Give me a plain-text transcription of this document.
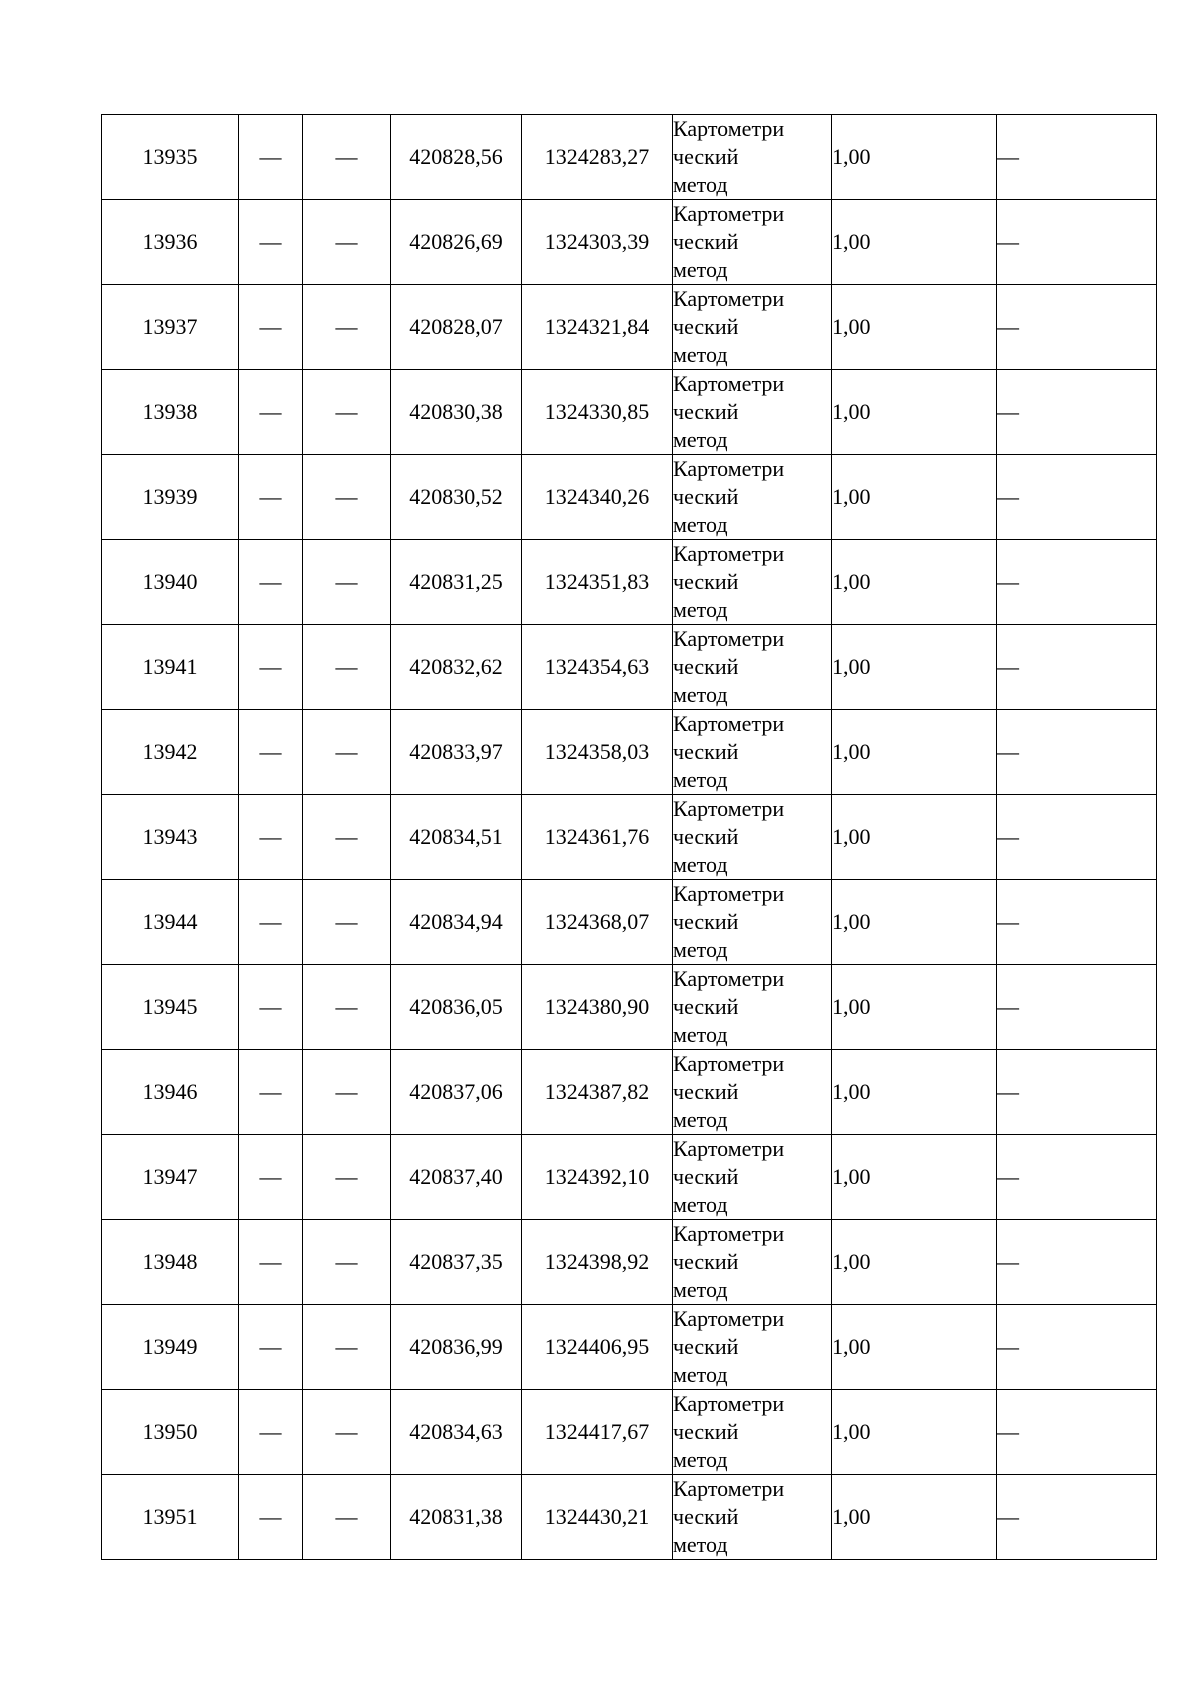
13935	—	—	420828,56	1324283,27	Картометри
ческий
метод	1,00	—
13936	—	—	420826,69	1324303,39	Картометри
ческий
метод	1,00	—
13937	—	—	420828,07	1324321,84	Картометри
ческий
метод	1,00	—
13938	—	—	420830,38	1324330,85	Картометри
ческий
метод	1,00	—
13939	—	—	420830,52	1324340,26	Картометри
ческий
метод	1,00	—
13940	—	—	420831,25	1324351,83	Картометри
ческий
метод	1,00	—
13941	—	—	420832,62	1324354,63	Картометри
ческий
метод	1,00	—
13942	—	—	420833,97	1324358,03	Картометри
ческий
метод	1,00	—
13943	—	—	420834,51	1324361,76	Картометри
ческий
метод	1,00	—
13944	—	—	420834,94	1324368,07	Картометри
ческий
метод	1,00	—
13945	—	—	420836,05	1324380,90	Картометри
ческий
метод	1,00	—
13946	—	—	420837,06	1324387,82	Картометри
ческий
метод	1,00	—
13947	—	—	420837,40	1324392,10	Картометри
ческий
метод	1,00	—
13948	—	—	420837,35	1324398,92	Картометри
ческий
метод	1,00	—
13949	—	—	420836,99	1324406,95	Картометри
ческий
метод	1,00	—
13950	—	—	420834,63	1324417,67	Картометри
ческий
метод	1,00	—
13951	—	—	420831,38	1324430,21	Картометри
ческий
метод	1,00	—
